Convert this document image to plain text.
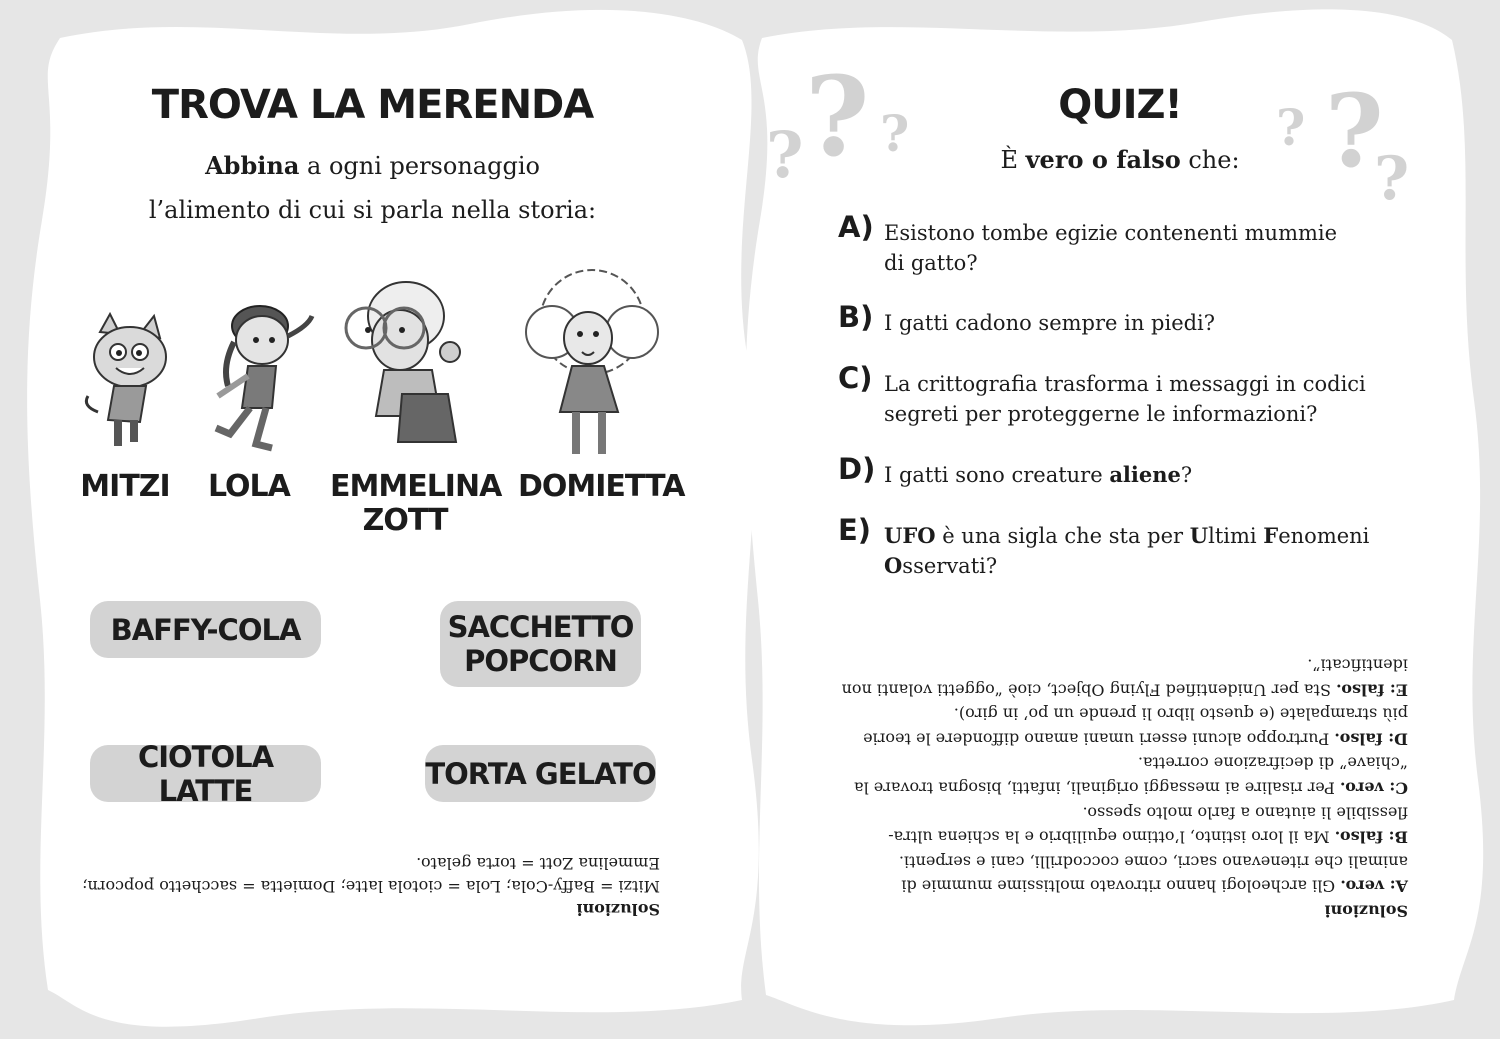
TROVA LA MERENDA
Abbina a ogni personaggio
l’alimento di cui si parla nella storia:
MITZI LOLA EMMELINA
ZOTT
DOMIETTA
BAFFY-COLA	SACCHETTO
POPCORN
CIOTOLA LATTE	TORTA GELATO
Soluzioni
Mitzi = Baffy-Cola; Lola = ciotola latte; Domietta = sacchetto popcorn; Emmelina Zott = torta gelato.
?
? ?	? ?
?
QUIZ!
È vero o falso che:
A) Esistono tombe egizie contenenti mummie
di gatto?
B) I gatti cadono sempre in piedi?
C) La crittografia trasforma i messaggi in codici
segreti per proteggerne le informazioni?
D) I gatti sono creature aliene?
E) UFO è una sigla che sta per Ultimi Fenomeni
Osservati?
Soluzioni
A: vero. Gli archeologi hanno ritrovato moltissime mummie di animali che ritenevano sacri, come coccodrilli, cani e serpenti.
B: falso. Ma il loro istinto, l’ottimo equilibrio e la schiena ultra-flessibile li aiutano a farlo molto spesso.
C: vero. Per risalire ai messaggi originali, infatti, bisogna trovare la “chiave” di decifrazione corretta.
D: falso. Purtroppo alcuni esseri umani amano diffondere le teorie più strampalate (e questo libro li prende un po’ in giro).
E: falso. Sta per Unidentified Flying Object, cioè “oggetti volanti non identificati”.
